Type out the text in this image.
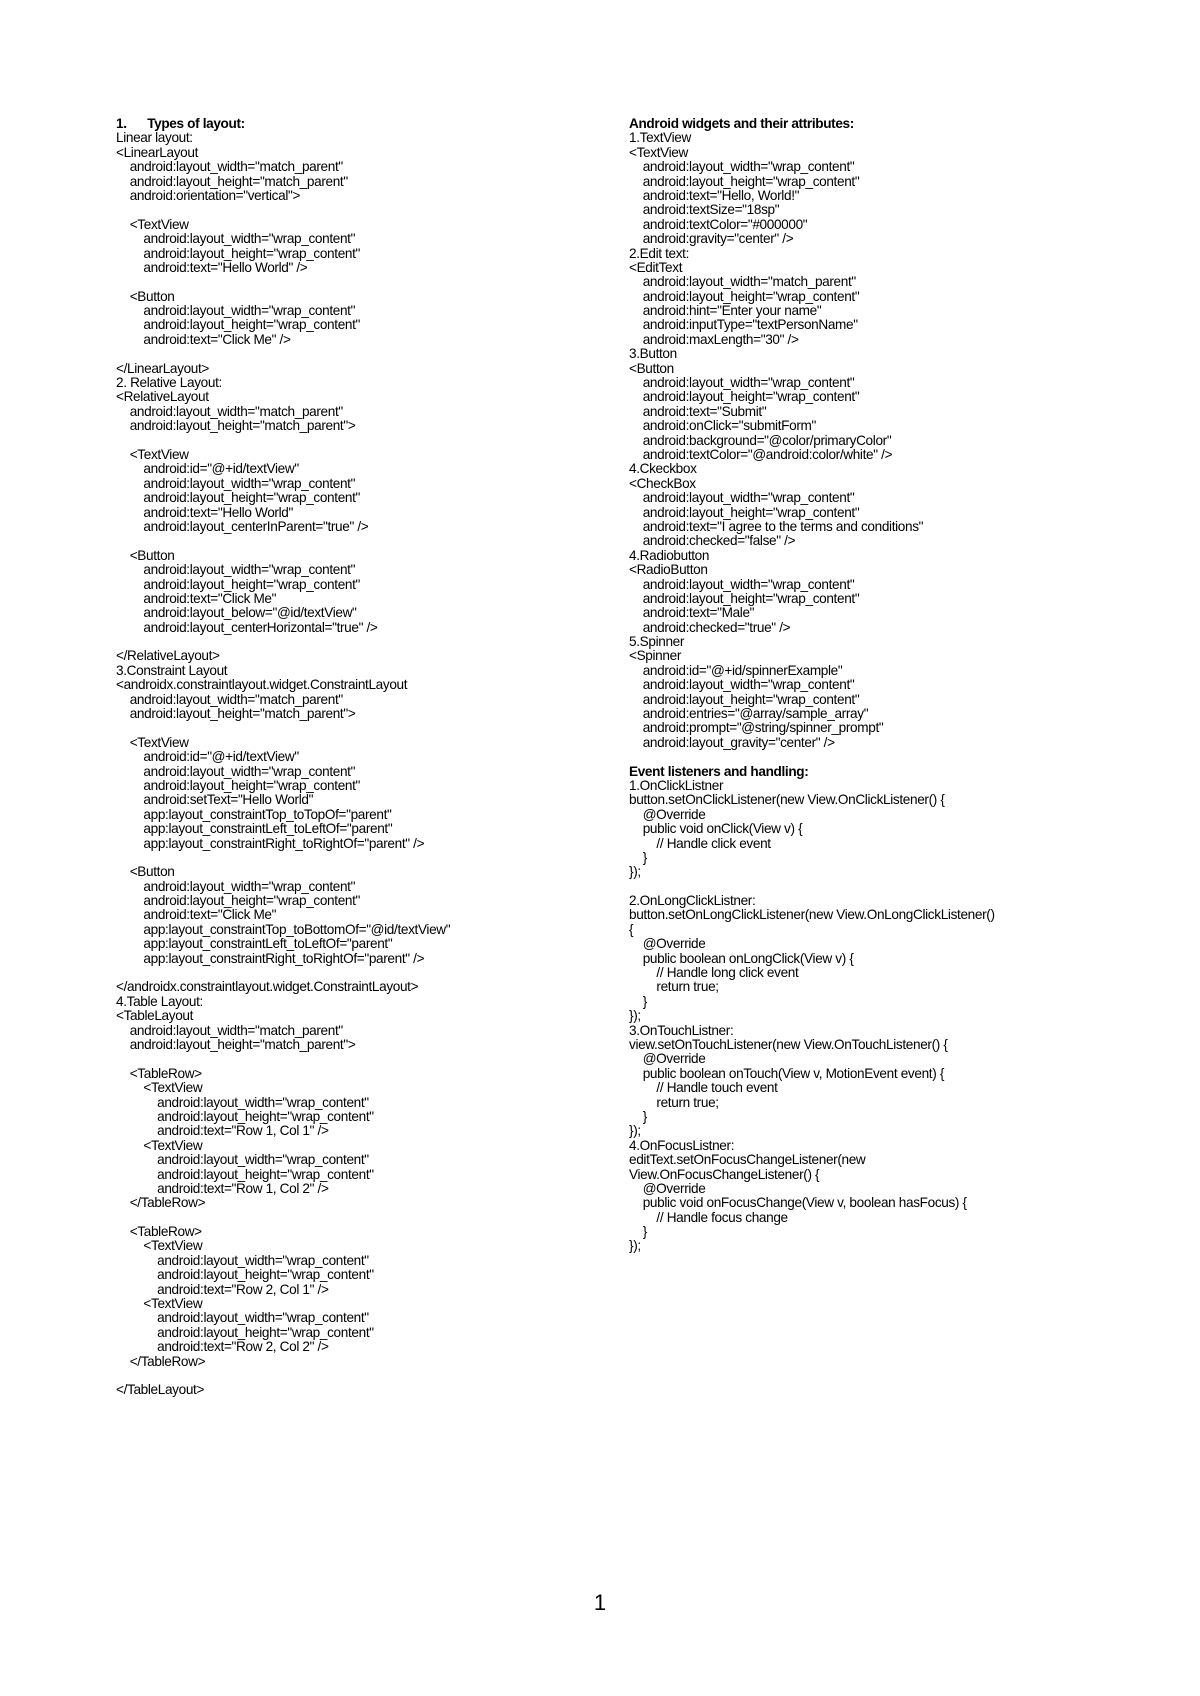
1.      Types of layout:
Linear layout:
<LinearLayout
android:layout_width="match_parent"
android:layout_height="match_parent"
android:orientation="vertical">
<TextView
android:layout_width="wrap_content"
android:layout_height="wrap_content"
android:text="Hello World" />
<Button
android:layout_width="wrap_content"
android:layout_height="wrap_content"
android:text="Click Me" />
</LinearLayout>
2. Relative Layout:
<RelativeLayout
android:layout_width="match_parent"
android:layout_height="match_parent">
<TextView
android:id="@+id/textView"
android:layout_width="wrap_content"
android:layout_height="wrap_content"
android:text="Hello World"
android:layout_centerInParent="true" />
<Button
android:layout_width="wrap_content"
android:layout_height="wrap_content"
android:text="Click Me"
android:layout_below="@id/textView"
android:layout_centerHorizontal="true" />
</RelativeLayout>
3.Constraint Layout
<androidx.constraintlayout.widget.ConstraintLayout
android:layout_width="match_parent"
android:layout_height="match_parent">
<TextView
android:id="@+id/textView"
android:layout_width="wrap_content"
android:layout_height="wrap_content"
android:setText="Hello World"
app:layout_constraintTop_toTopOf="parent"
app:layout_constraintLeft_toLeftOf="parent"
app:layout_constraintRight_toRightOf="parent" />
<Button
android:layout_width="wrap_content"
android:layout_height="wrap_content"
android:text="Click Me"
app:layout_constraintTop_toBottomOf="@id/textView"
app:layout_constraintLeft_toLeftOf="parent"
app:layout_constraintRight_toRightOf="parent" />
</androidx.constraintlayout.widget.ConstraintLayout>
4.Table Layout:
<TableLayout
android:layout_width="match_parent"
android:layout_height="match_parent">
<TableRow>
<TextView
android:layout_width="wrap_content"
android:layout_height="wrap_content"
android:text="Row 1, Col 1" />
<TextView
android:layout_width="wrap_content"
android:layout_height="wrap_content"
android:text="Row 1, Col 2" />
</TableRow>
<TableRow>
<TextView
android:layout_width="wrap_content"
android:layout_height="wrap_content"
android:text="Row 2, Col 1" />
<TextView
android:layout_width="wrap_content"
android:layout_height="wrap_content"
android:text="Row 2, Col 2" />
</TableRow>
</TableLayout>
Android widgets and their attributes:
1.TextView
<TextView
android:layout_width="wrap_content"
android:layout_height="wrap_content"
android:text="Hello, World!"
android:textSize="18sp"
android:textColor="#000000"
android:gravity="center" />
2.Edit text:
<EditText
android:layout_width="match_parent"
android:layout_height="wrap_content"
android:hint="Enter your name"
android:inputType="textPersonName"
android:maxLength="30" />
3.Button
<Button
android:layout_width="wrap_content"
android:layout_height="wrap_content"
android:text="Submit"
android:onClick="submitForm"
android:background="@color/primaryColor"
android:textColor="@android:color/white" />
4.Ckeckbox
<CheckBox
android:layout_width="wrap_content"
android:layout_height="wrap_content"
android:text="I agree to the terms and conditions"
android:checked="false" />
4.Radiobutton
<RadioButton
android:layout_width="wrap_content"
android:layout_height="wrap_content"
android:text="Male"
android:checked="true" />
5.Spinner
<Spinner
android:id="@+id/spinnerExample"
android:layout_width="wrap_content"
android:layout_height="wrap_content"
android:entries="@array/sample_array"
android:prompt="@string/spinner_prompt"
android:layout_gravity="center" />
Event listeners and handling:
1.OnClickListner
button.setOnClickListener(new View.OnClickListener() {
@Override
public void onClick(View v) {
// Handle click event
}
});
2.OnLongClickListner:
button.setOnLongClickListener(new View.OnLongClickListener()
{
@Override
public boolean onLongClick(View v) {
// Handle long click event
return true;
}
});
3.OnTouchListner:
view.setOnTouchListener(new View.OnTouchListener() {
@Override
public boolean onTouch(View v, MotionEvent event) {
// Handle touch event
return true;
}
});
4.OnFocusListner:
editText.setOnFocusChangeListener(new
View.OnFocusChangeListener() {
@Override
public void onFocusChange(View v, boolean hasFocus) {
// Handle focus change
}
});
1
